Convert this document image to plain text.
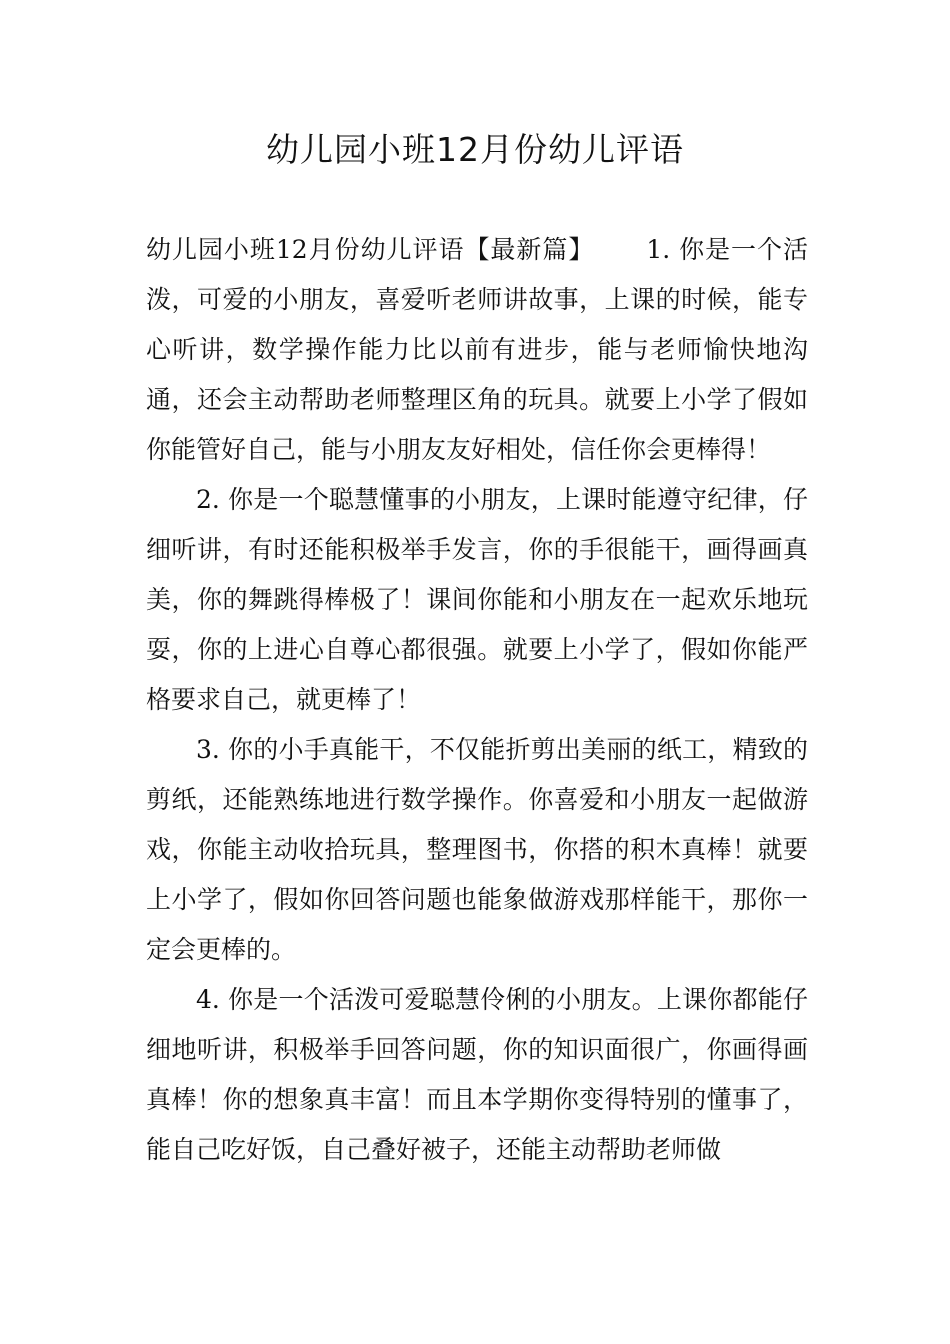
幼儿园小班12月份幼儿评语

幼儿园小班12月份幼儿评语【最新篇】 1. 你是一个活泼，可爱的小朋友，喜爱听老师讲故事，上课的时候，能专心听讲，数学操作能力比以前有进步，能与老师愉快地沟通，还会主动帮助老师整理区角的玩具。就要上小学了假如你能管好自己，能与小朋友友好相处，信任你会更棒得！

2. 你是一个聪慧懂事的小朋友，上课时能遵守纪律，仔细听讲，有时还能积极举手发言，你的手很能干，画得画真美，你的舞跳得棒极了！课间你能和小朋友在一起欢乐地玩耍，你的上进心自尊心都很强。就要上小学了，假如你能严格要求自己，就更棒了！

3. 你的小手真能干，不仅能折剪出美丽的纸工，精致的剪纸，还能熟练地进行数学操作。你喜爱和小朋友一起做游戏，你能主动收拾玩具，整理图书，你搭的积木真棒！就要上小学了，假如你回答问题也能象做游戏那样能干，那你一定会更棒的。

4. 你是一个活泼可爱聪慧伶俐的小朋友。上课你都能仔细地听讲，积极举手回答问题，你的知识面很广，你画得画真棒！你的想象真丰富！而且本学期你变得特别的懂事了，能自己吃好饭，自己叠好被子，还能主动帮助老师做
